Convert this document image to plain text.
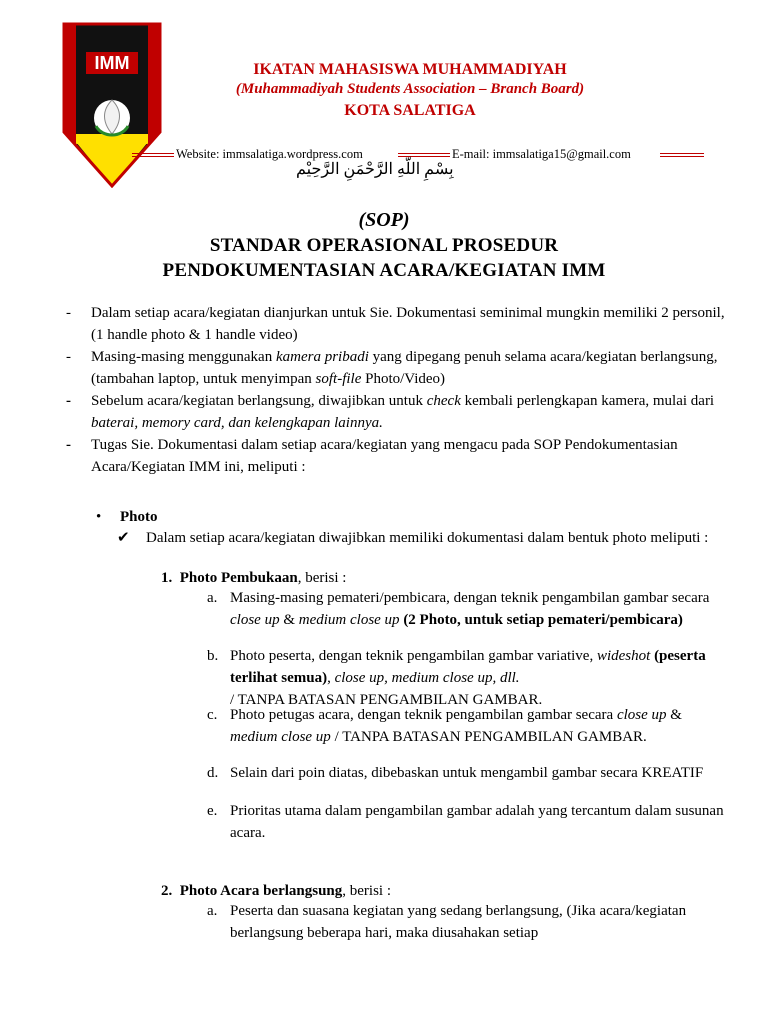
IMM	IKATAN MAHASISWA MUHAMMADIYAH
(Muhammadiyah Students Association – Branch Board)
KOTA SALATIGA
Website: immsalatiga.wordpress.com	E-mail: immsalatiga15@gmail.com
بِسْمِ اللّهِ الرَّحْمَنِ الرَّحِيْم
(SOP)
STANDAR OPERASIONAL PROSEDUR
PENDOKUMENTASIAN ACARA/KEGIATAN IMM
-	Dalam setiap acara/kegiatan dianjurkan untuk Sie. Dokumentasi seminimal mungkin memiliki 2 personil, (1 handle photo & 1 handle video)
-	Masing-masing menggunakan kamera pribadi yang dipegang penuh selama acara/kegiatan berlangsung, (tambahan laptop, untuk menyimpan soft-file Photo/Video)
-	Sebelum acara/kegiatan berlangsung, diwajibkan untuk check kembali perlengkapan kamera, mulai dari baterai, memory card, dan kelengkapan lainnya.
-	Tugas Sie. Dokumentasi dalam setiap acara/kegiatan yang mengacu pada SOP Pendokumentasian Acara/Kegiatan IMM ini, meliputi :
• Photo
✔ Dalam setiap acara/kegiatan diwajibkan memiliki dokumentasi dalam bentuk photo meliputi :
1. Photo Pembukaan, berisi :
a. Masing-masing pemateri/pembicara, dengan teknik pengambilan gambar secara close up & medium close up (2 Photo, untuk setiap pemateri/pembicara)
b. Photo peserta, dengan teknik pengambilan gambar variative, wideshot (peserta terlihat semua), close up, medium close up, dll.
/ TANPA BATASAN PENGAMBILAN GAMBAR.
c. Photo petugas acara, dengan teknik pengambilan gambar secara close up & medium close up / TANPA BATASAN PENGAMBILAN GAMBAR.
d. Selain dari poin diatas, dibebaskan untuk mengambil gambar secara KREATIF
e. Prioritas utama dalam pengambilan gambar adalah yang tercantum dalam susunan acara.
2. Photo Acara berlangsung, berisi :
a. Peserta dan suasana kegiatan yang sedang berlangsung, (Jika acara/kegiatan berlangsung beberapa hari, maka diusahakan setiap
